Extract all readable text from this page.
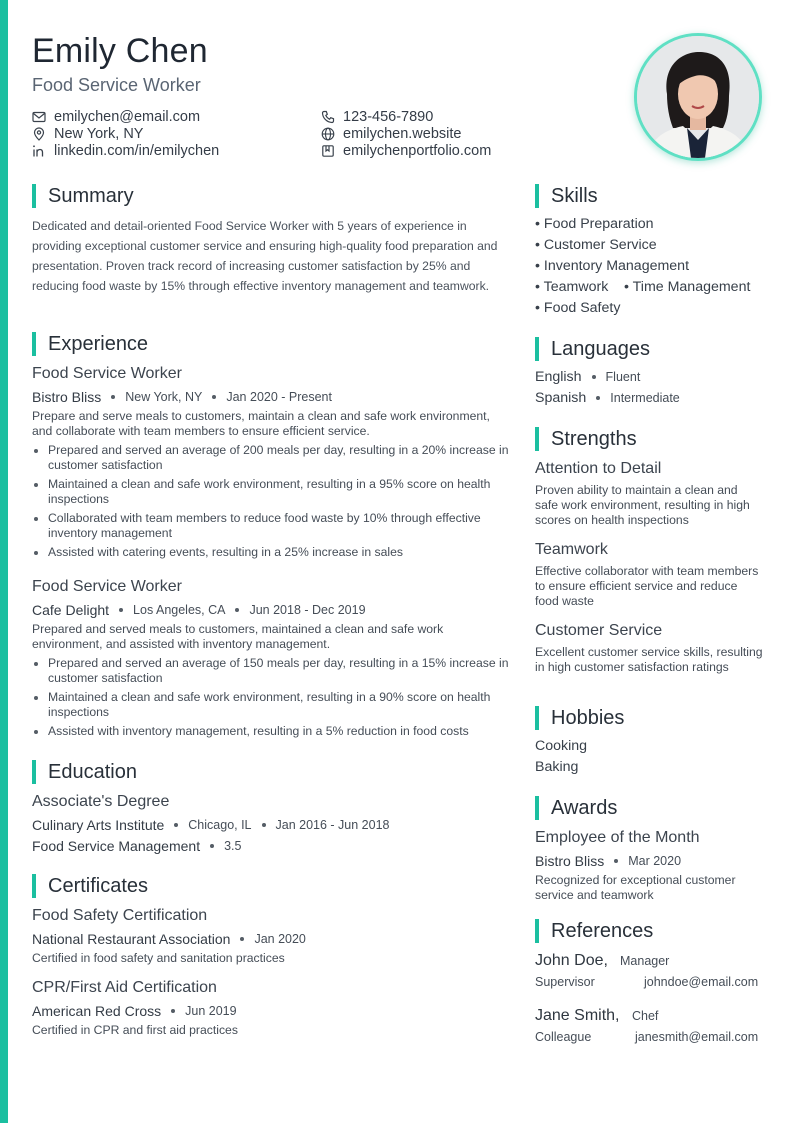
Emily Chen
Food Service Worker
emilychen@email.com
New York, NY
linkedin.com/in/emilychen
123-456-7890
emilychen.website
emilychenportfolio.com
Summary
Dedicated and detail-oriented Food Service Worker with 5 years of experience in providing exceptional customer service and ensuring high-quality food preparation and presentation. Proven track record of increasing customer satisfaction by 25% and reducing food waste by 15% through effective inventory management and teamwork.
Experience
Food Service Worker
Bistro Bliss New York, NY Jan 2020 - Present
Prepare and serve meals to customers, maintain a clean and safe work environment, and collaborate with team members to ensure efficient service.
Prepared and served an average of 200 meals per day, resulting in a 20% increase in customer satisfaction
Maintained a clean and safe work environment, resulting in a 95% score on health inspections
Collaborated with team members to reduce food waste by 10% through effective inventory management
Assisted with catering events, resulting in a 25% increase in sales
Food Service Worker
Cafe Delight Los Angeles, CA Jun 2018 - Dec 2019
Prepared and served meals to customers, maintained a clean and safe work environment, and assisted with inventory management.
Prepared and served an average of 150 meals per day, resulting in a 15% increase in customer satisfaction
Maintained a clean and safe work environment, resulting in a 90% score on health inspections
Assisted with inventory management, resulting in a 5% reduction in food costs
Education
Associate's Degree
Culinary Arts Institute Chicago, IL Jan 2016 - Jun 2018
Food Service Management 3.5
Certificates
Food Safety Certification
National Restaurant Association Jan 2020
Certified in food safety and sanitation practices
CPR/First Aid Certification
American Red Cross Jun 2019
Certified in CPR and first aid practices
Skills
• Food Preparation
• Customer Service
• Inventory Management
• Teamwork • Time Management
• Food Safety
Languages
English Fluent
Spanish Intermediate
Strengths
Attention to Detail
Proven ability to maintain a clean and safe work environment, resulting in high scores on health inspections
Teamwork
Effective collaborator with team members to ensure efficient service and reduce food waste
Customer Service
Excellent customer service skills, resulting in high customer satisfaction ratings
Hobbies
Cooking
Baking
Awards
Employee of the Month
Bistro Bliss Mar 2020
Recognized for exceptional customer service and teamwork
References
John Doe, Manager
Supervisor	johndoe@email.com
Jane Smith, Chef
Colleague	janesmith@email.com
